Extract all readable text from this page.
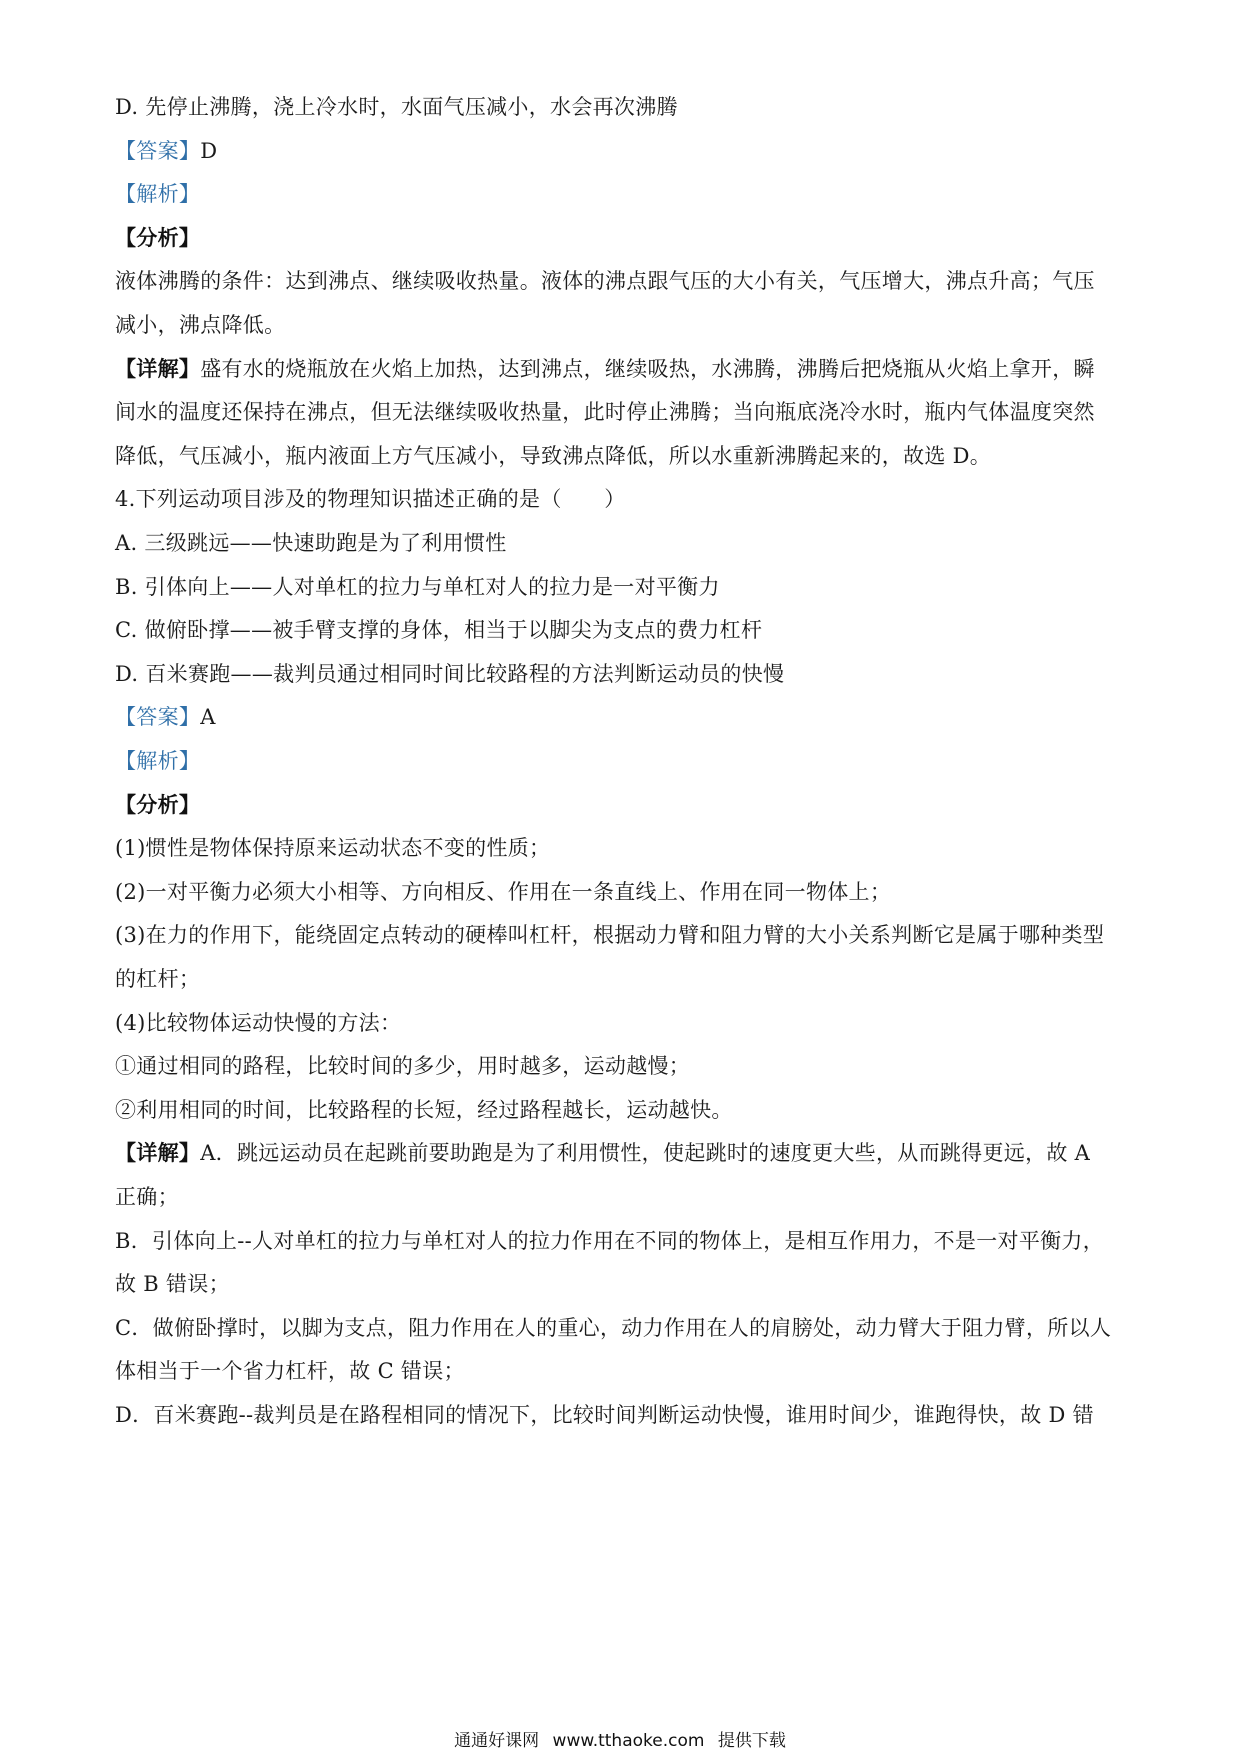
D. 先停止沸腾，浇上冷水时，水面气压减小，水会再次沸腾
【答案】D
【解析】
【分析】
液体沸腾的条件：达到沸点、继续吸收热量。液体的沸点跟气压的大小有关，气压增大，沸点升高；气压
减小，沸点降低。
【详解】盛有水的烧瓶放在火焰上加热，达到沸点，继续吸热，水沸腾，沸腾后把烧瓶从火焰上拿开，瞬
间水的温度还保持在沸点，但无法继续吸收热量，此时停止沸腾；当向瓶底浇冷水时，瓶内气体温度突然
降低，气压减小，瓶内液面上方气压减小，导致沸点降低，所以水重新沸腾起来的，故选 D。
4.下列运动项目涉及的物理知识描述正确的是（　　）
A. 三级跳远——快速助跑是为了利用惯性
B. 引体向上——人对单杠的拉力与单杠对人的拉力是一对平衡力
C. 做俯卧撑——被手臂支撑的身体，相当于以脚尖为支点的费力杠杆
D. 百米赛跑——裁判员通过相同时间比较路程的方法判断运动员的快慢
【答案】A
【解析】
【分析】
(1)惯性是物体保持原来运动状态不变的性质；
(2)一对平衡力必须大小相等、方向相反、作用在一条直线上、作用在同一物体上；
(3)在力的作用下，能绕固定点转动的硬棒叫杠杆，根据动力臂和阻力臂的大小关系判断它是属于哪种类型
的杠杆；
(4)比较物体运动快慢的方法：
①通过相同的路程，比较时间的多少，用时越多，运动越慢；
②利用相同的时间，比较路程的长短，经过路程越长，运动越快。
【详解】A．跳远运动员在起跳前要助跑是为了利用惯性，使起跳时的速度更大些，从而跳得更远，故 A
正确；
B．引体向上--人对单杠的拉力与单杠对人的拉力作用在不同的物体上，是相互作用力，不是一对平衡力，
故 B 错误；
C．做俯卧撑时，以脚为支点，阻力作用在人的重心，动力作用在人的肩膀处，动力臂大于阻力臂，所以人
体相当于一个省力杠杆，故 C 错误；
D．百米赛跑--裁判员是在路程相同的情况下，比较时间判断运动快慢，谁用时间少，谁跑得快，故 D 错
通通好课网 www.tthaoke.com 提供下载
